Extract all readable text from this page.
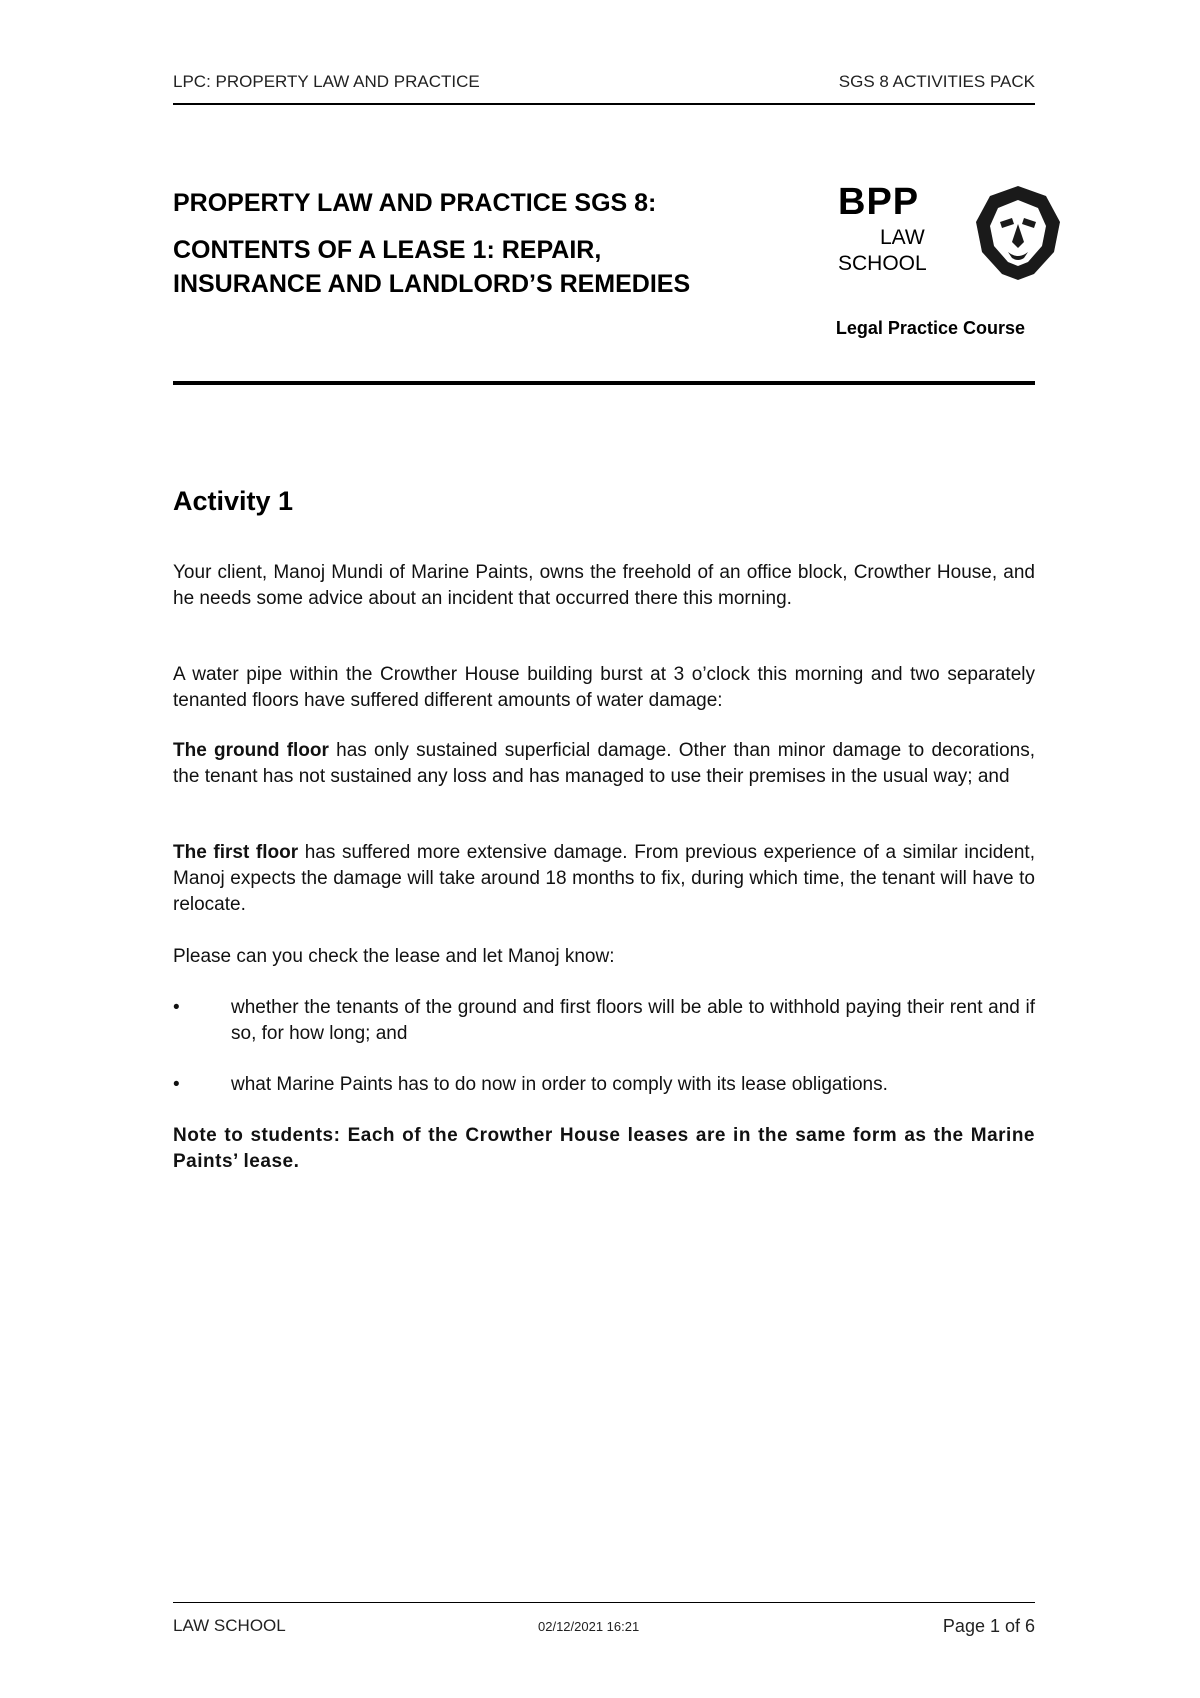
LPC: PROPERTY LAW AND PRACTICE	SGS 8 ACTIVITIES PACK
PROPERTY LAW AND PRACTICE SGS 8:
CONTENTS OF A LEASE 1: REPAIR,
INSURANCE AND LANDLORD’S REMEDIES
BPP
LAW
SCHOOL
Legal Practice Course
Activity 1
Your client, Manoj Mundi of Marine Paints, owns the freehold of an office block, Crowther House, and he needs some advice about an incident that occurred there this morning.
A water pipe within the Crowther House building burst at 3 o’clock this morning and two separately tenanted floors have suffered different amounts of water damage:
The ground floor has only sustained superficial damage. Other than minor damage to decorations, the tenant has not sustained any loss and has managed to use their premises in the usual way; and
The first floor has suffered more extensive damage. From previous experience of a similar incident, Manoj expects the damage will take around 18 months to fix, during which time, the tenant will have to relocate.
Please can you check the lease and let Manoj know:
•	whether the tenants of the ground and first floors will be able to withhold paying their rent and if so, for how long; and
•	what Marine Paints has to do now in order to comply with its lease obligations.
Note to students: Each of the Crowther House leases are in the same form as the Marine Paints’ lease.
LAW SCHOOL	02/12/2021 16:21	Page 1 of 6
